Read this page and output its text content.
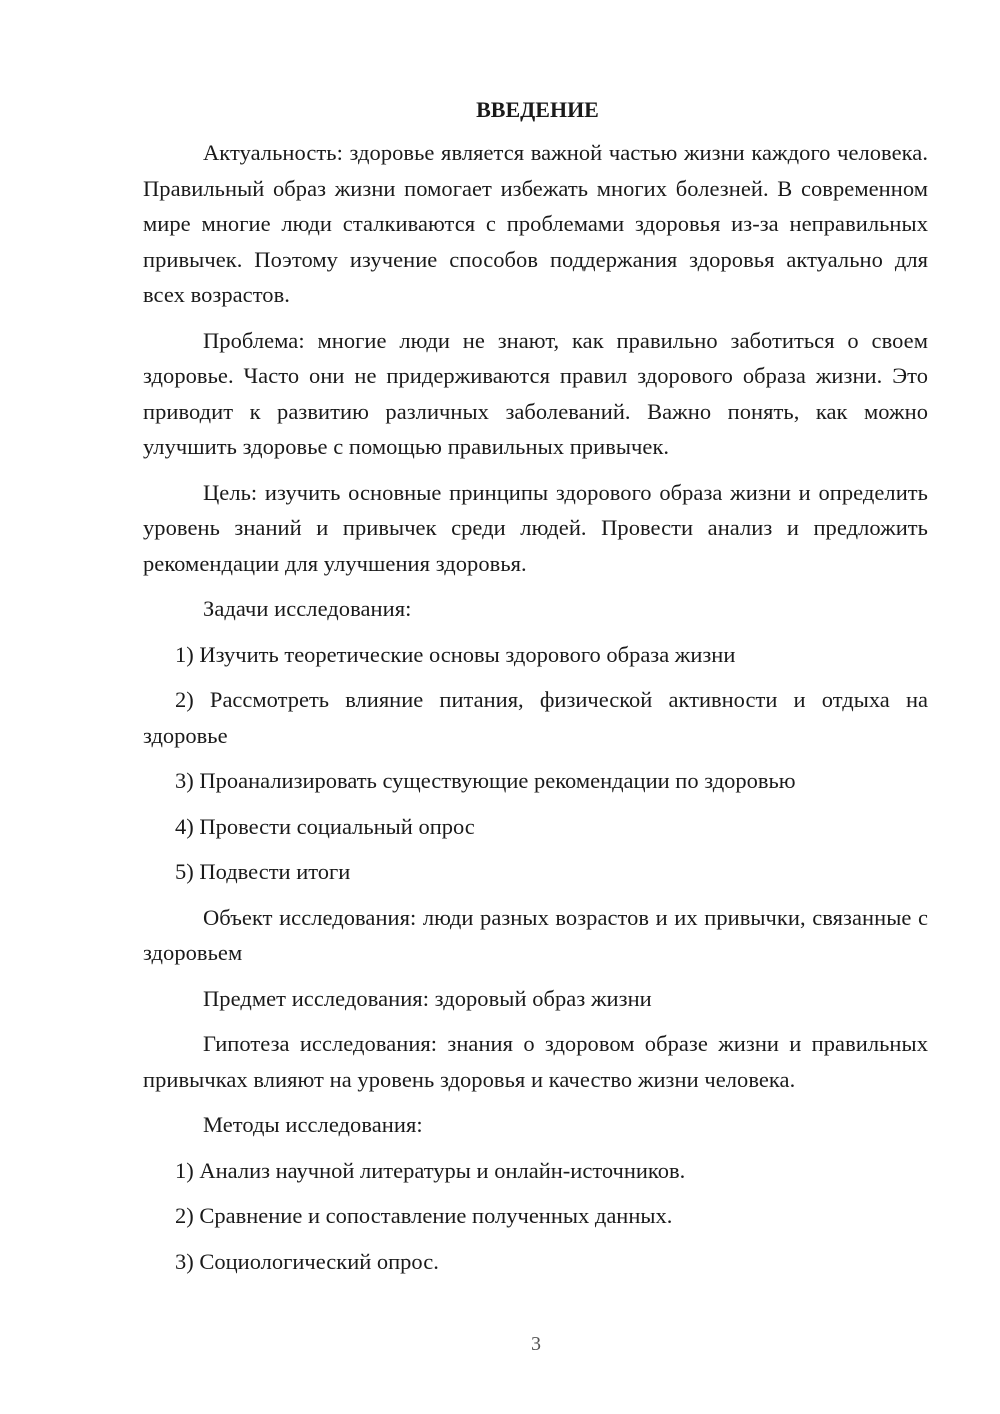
ВВЕДЕНИЕ
Актуальность: здоровье является важной частью жизни каждого человека. Правильный образ жизни помогает избежать многих болезней. В современном мире многие люди сталкиваются с проблемами здоровья из-за неправильных привычек. Поэтому изучение способов поддержания здоровья актуально для всех возрастов.
Проблема: многие люди не знают, как правильно заботиться о своем здоровье. Часто они не придерживаются правил здорового образа жизни. Это приводит к развитию различных заболеваний. Важно понять, как можно улучшить здоровье с помощью правильных привычек.
Цель: изучить основные принципы здорового образа жизни и определить уровень знаний и привычек среди людей. Провести анализ и предложить рекомендации для улучшения здоровья.
Задачи исследования:
1) Изучить теоретические основы здорового образа жизни
2) Рассмотреть влияние питания, физической активности и отдыха на здоровье
3) Проанализировать существующие рекомендации по здоровью
4) Провести социальный опрос
5) Подвести итоги
Объект исследования: люди разных возрастов и их привычки, связанные с здоровьем
Предмет исследования: здоровый образ жизни
Гипотеза исследования: знания о здоровом образе жизни и правильных привычках влияют на уровень здоровья и качество жизни человека.
Методы исследования:
1) Анализ научной литературы и онлайн-источников.
2) Сравнение и сопоставление полученных данных.
3) Социологический опрос.
3
